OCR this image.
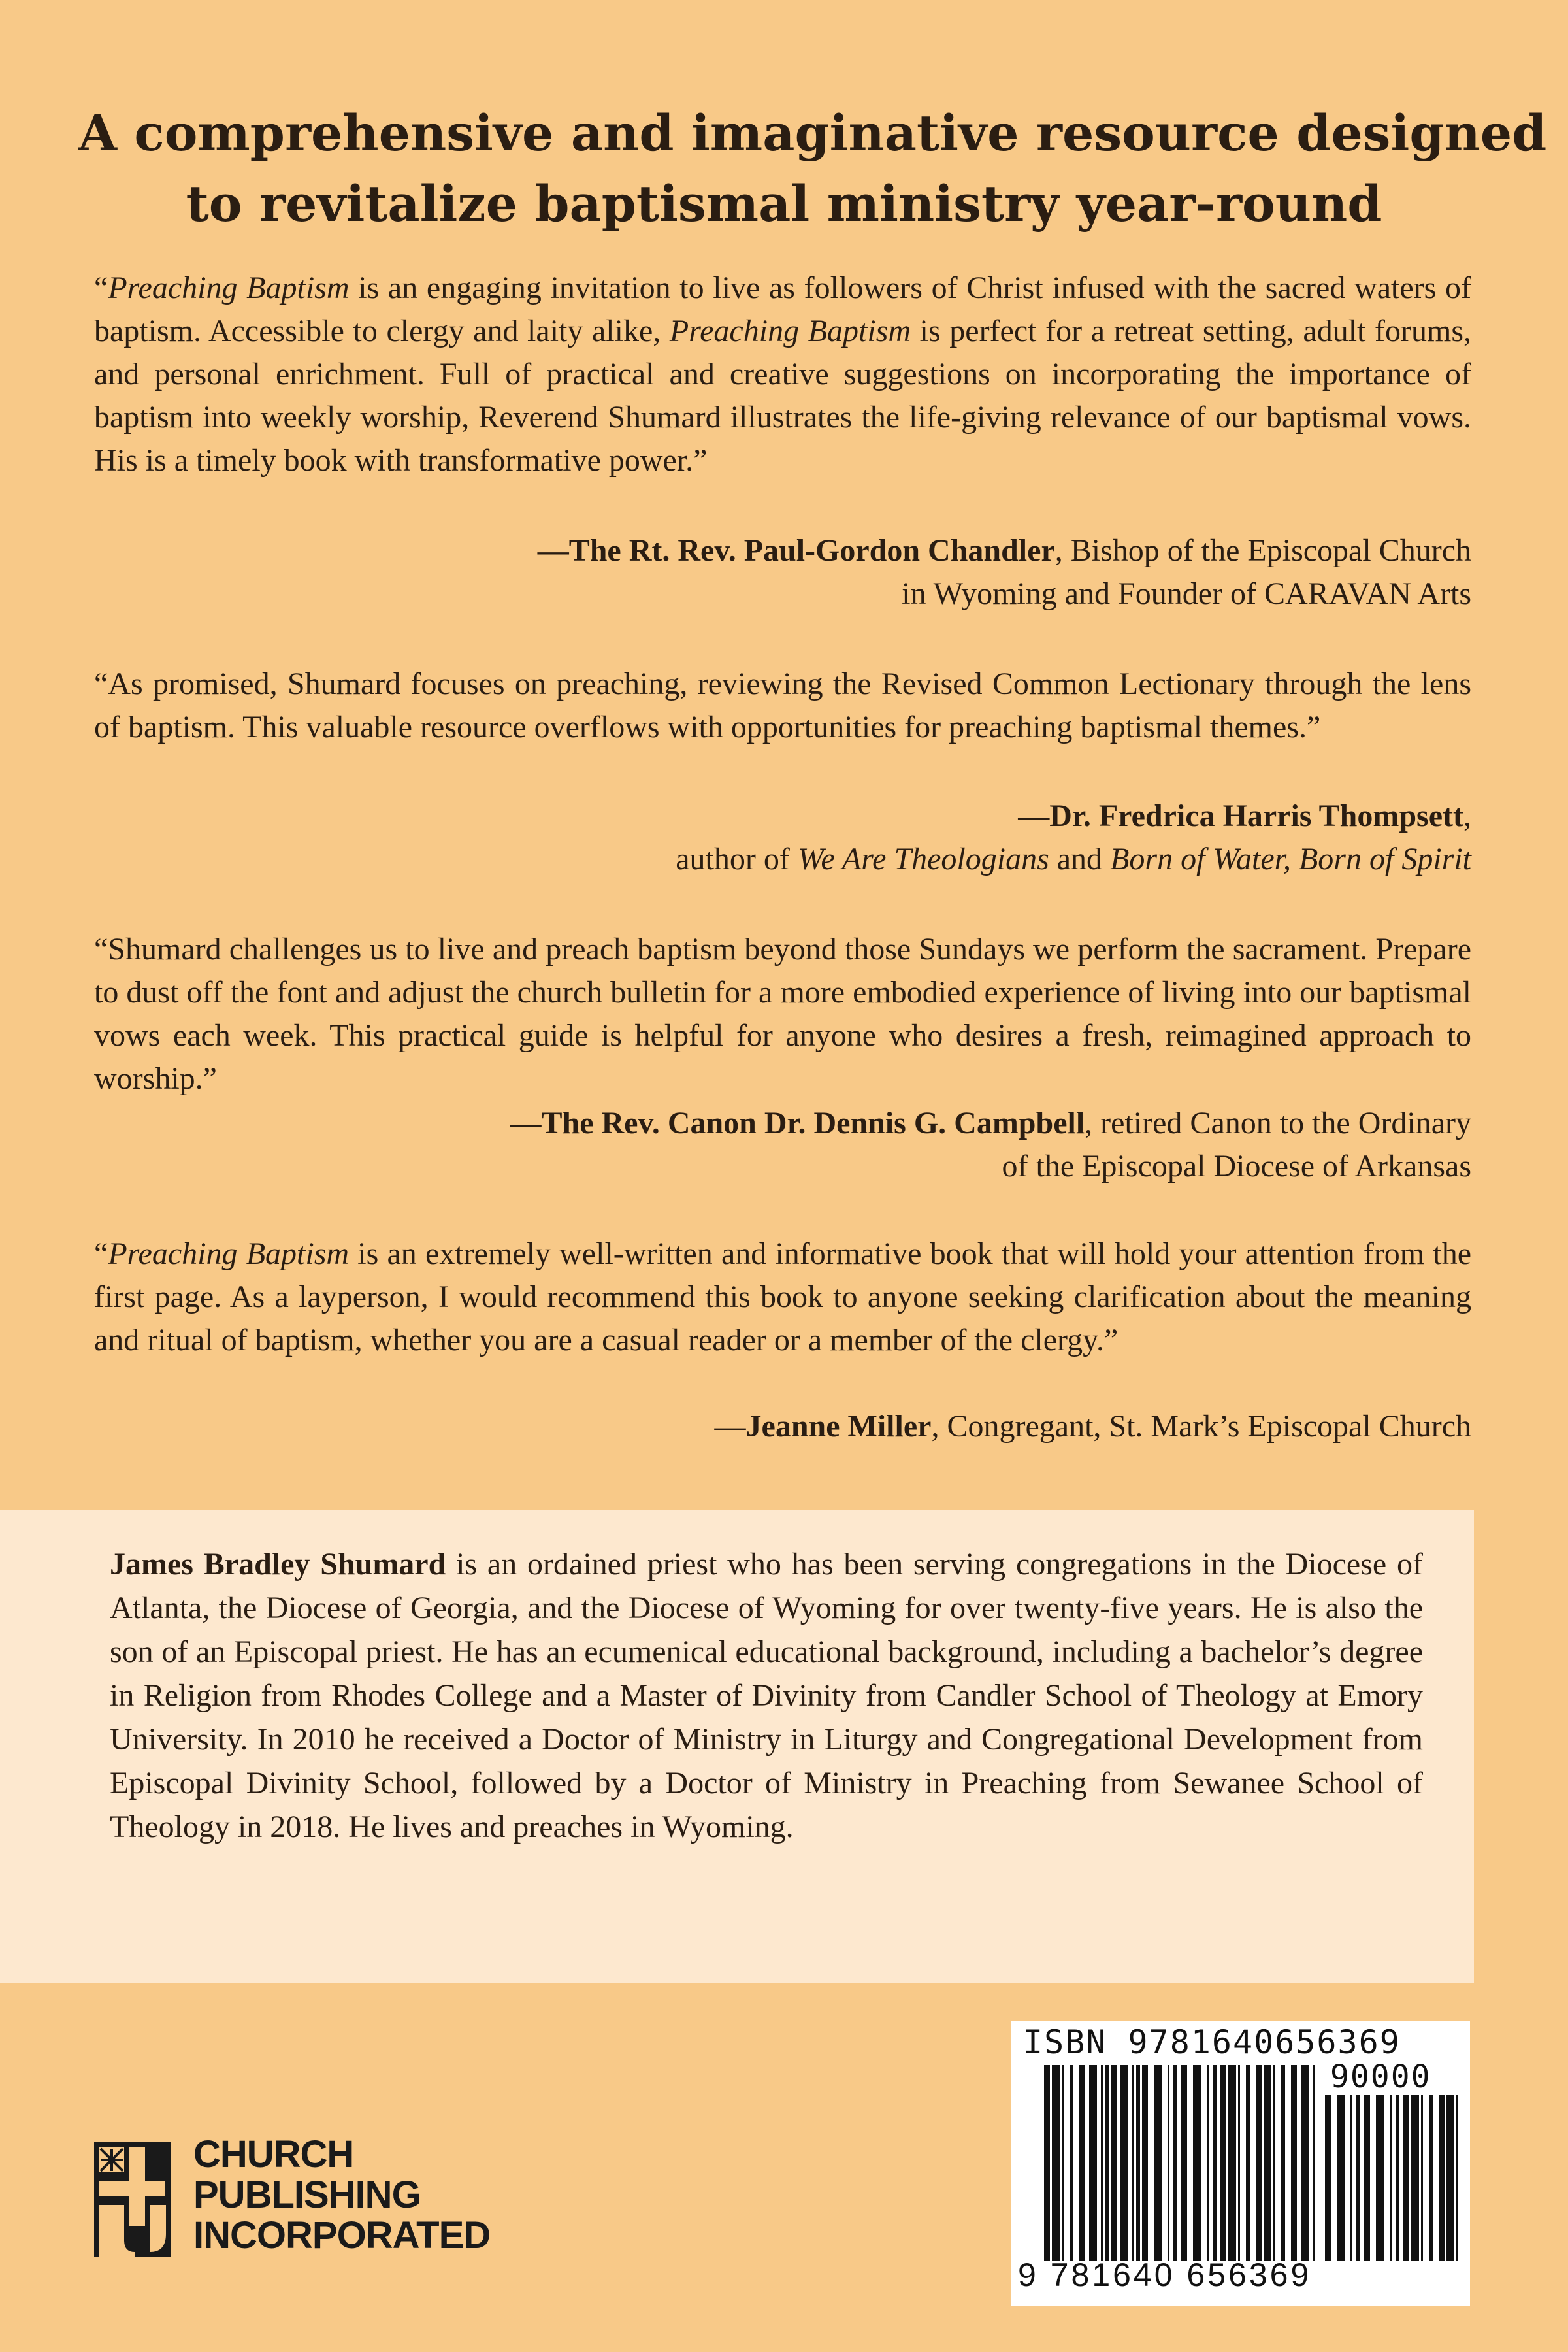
A comprehensive and imaginative resource designed
to revitalize baptismal ministry year-round
“Preaching Baptism is an engaging invitation to live as followers of Christ infused with the sacred waters of baptism. Accessible to clergy and laity alike, Preaching Baptism is perfect for a retreat setting, adult forums, and personal enrichment. Full of practical and creative suggestions on incorporating the importance of baptism into weekly worship, Reverend Shumard illustrates the life-giving relevance of our baptismal vows. His is a timely book with transformative power.”
—The Rt. Rev. Paul-Gordon Chandler, Bishop of the Episcopal Church
in Wyoming and Founder of CARAVAN Arts
“As promised, Shumard focuses on preaching, reviewing the Revised Common Lectionary through the lens of baptism. This valuable resource overflows with opportunities for preaching baptismal themes.”
—Dr. Fredrica Harris Thompsett,
author of We Are Theologians and Born of Water, Born of Spirit
“Shumard challenges us to live and preach baptism beyond those Sundays we perform the sacrament. Prepare to dust off the font and adjust the church bulletin for a more embodied experience of living into our baptismal vows each week. This practical guide is helpful for anyone who desires a fresh, reimagined approach to worship.”
—The Rev. Canon Dr. Dennis G. Campbell, retired Canon to the Ordinary
of the Episcopal Diocese of Arkansas
“Preaching Baptism is an extremely well-written and informative book that will hold your attention from the first page. As a layperson, I would recommend this book to anyone seeking clarification about the meaning and ritual of baptism, whether you are a casual reader or a member of the clergy.”
—Jeanne Miller, Congregant, St. Mark’s Episcopal Church
James Bradley Shumard is an ordained priest who has been serving congregations in the Diocese of Atlanta, the Diocese of Georgia, and the Diocese of Wyoming for over twenty-five years. He is also the son of an Episcopal priest. He has an ecumenical educational background, including a bachelor’s degree in Religion from Rhodes College and a Master of Divinity from Candler School of Theology at Emory University. In 2010 he received a Doctor of Ministry in Liturgy and Congregational Development from Episcopal Divinity School, followed by a Doctor of Ministry in Preaching from Sewanee School of Theology in 2018. He lives and preaches in Wyoming.
CHURCH
PUBLISHING
INCORPORATED
ISBN 9781640656369
90000
9 781640 656369
